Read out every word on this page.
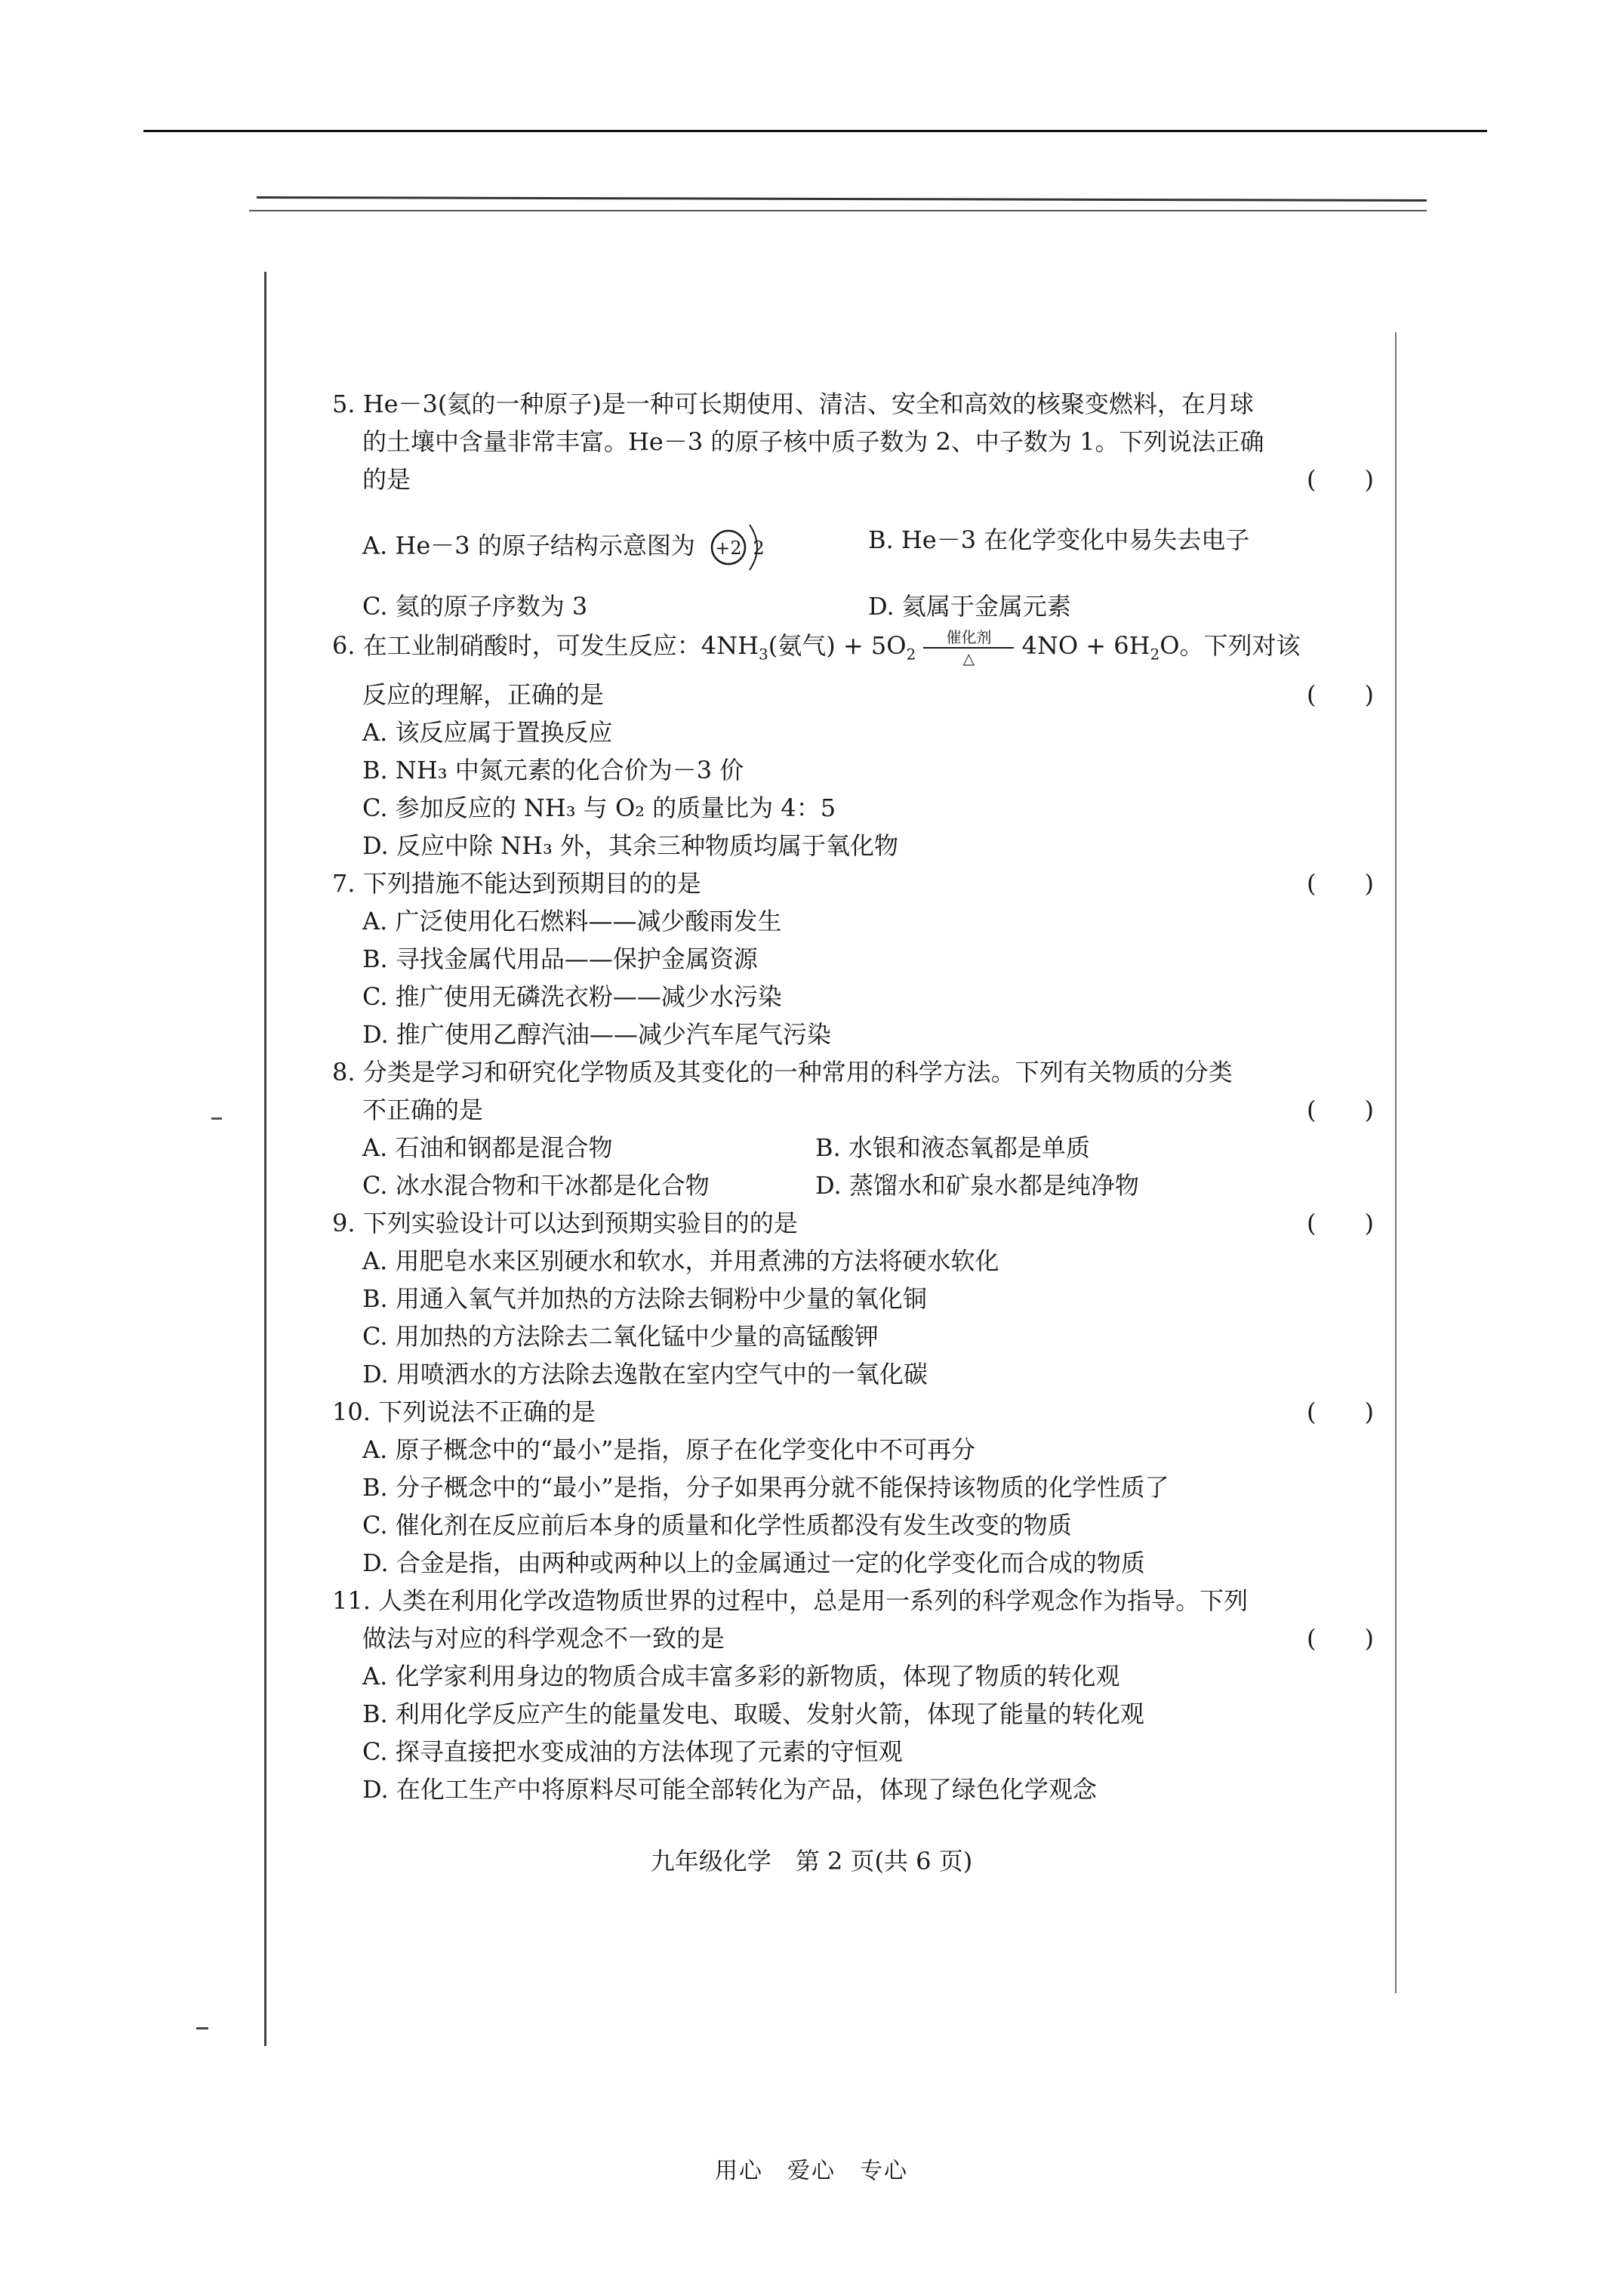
5. He－3(氦的一种原子)是一种可长期使用、清洁、安全和高效的核聚变燃料，在月球
的土壤中含量非常丰富。He－3 的原子核中质子数为 2、中子数为 1。下列说法正确
的是	(　　)
A. He－3 的原子结构示意图为 +2 2	B. He－3 在化学变化中易失去电子
C. 氦的原子序数为 3	D. 氦属于金属元素
6. 在工业制硝酸时，可发生反应：$4NH_3$(氨气) + $5O_2$
催化剂
△	$4NO + 6H_2O$。下列对该
反应的理解，正确的是	(　　)
A. 该反应属于置换反应
B. NH₃ 中氮元素的化合价为－3 价
C. 参加反应的 NH₃ 与 O₂ 的质量比为 4：5
D. 反应中除 NH₃ 外，其余三种物质均属于氧化物
7. 下列措施不能达到预期目的的是	(　　)
A. 广泛使用化石燃料——减少酸雨发生
B. 寻找金属代用品——保护金属资源
C. 推广使用无磷洗衣粉——减少水污染
D. 推广使用乙醇汽油——减少汽车尾气污染
8. 分类是学习和研究化学物质及其变化的一种常用的科学方法。下列有关物质的分类
不正确的是	(　　)
A. 石油和钢都是混合物	B. 水银和液态氧都是单质
C. 冰水混合物和干冰都是化合物	D. 蒸馏水和矿泉水都是纯净物
9. 下列实验设计可以达到预期实验目的的是	(　　)
A. 用肥皂水来区别硬水和软水，并用煮沸的方法将硬水软化
B. 用通入氧气并加热的方法除去铜粉中少量的氧化铜
C. 用加热的方法除去二氧化锰中少量的高锰酸钾
D. 用喷洒水的方法除去逸散在室内空气中的一氧化碳
10. 下列说法不正确的是	(　　)
A. 原子概念中的“最小”是指，原子在化学变化中不可再分
B. 分子概念中的“最小”是指，分子如果再分就不能保持该物质的化学性质了
C. 催化剂在反应前后本身的质量和化学性质都没有发生改变的物质
D. 合金是指，由两种或两种以上的金属通过一定的化学变化而合成的物质
11. 人类在利用化学改造物质世界的过程中，总是用一系列的科学观念作为指导。下列
做法与对应的科学观念不一致的是	(　　)
A. 化学家利用身边的物质合成丰富多彩的新物质，体现了物质的转化观
B. 利用化学反应产生的能量发电、取暖、发射火箭，体现了能量的转化观
C. 探寻直接把水变成油的方法体现了元素的守恒观
D. 在化工生产中将原料尽可能全部转化为产品，体现了绿色化学观念
九年级化学　第 2 页(共 6 页)
用心　爱心　专心
